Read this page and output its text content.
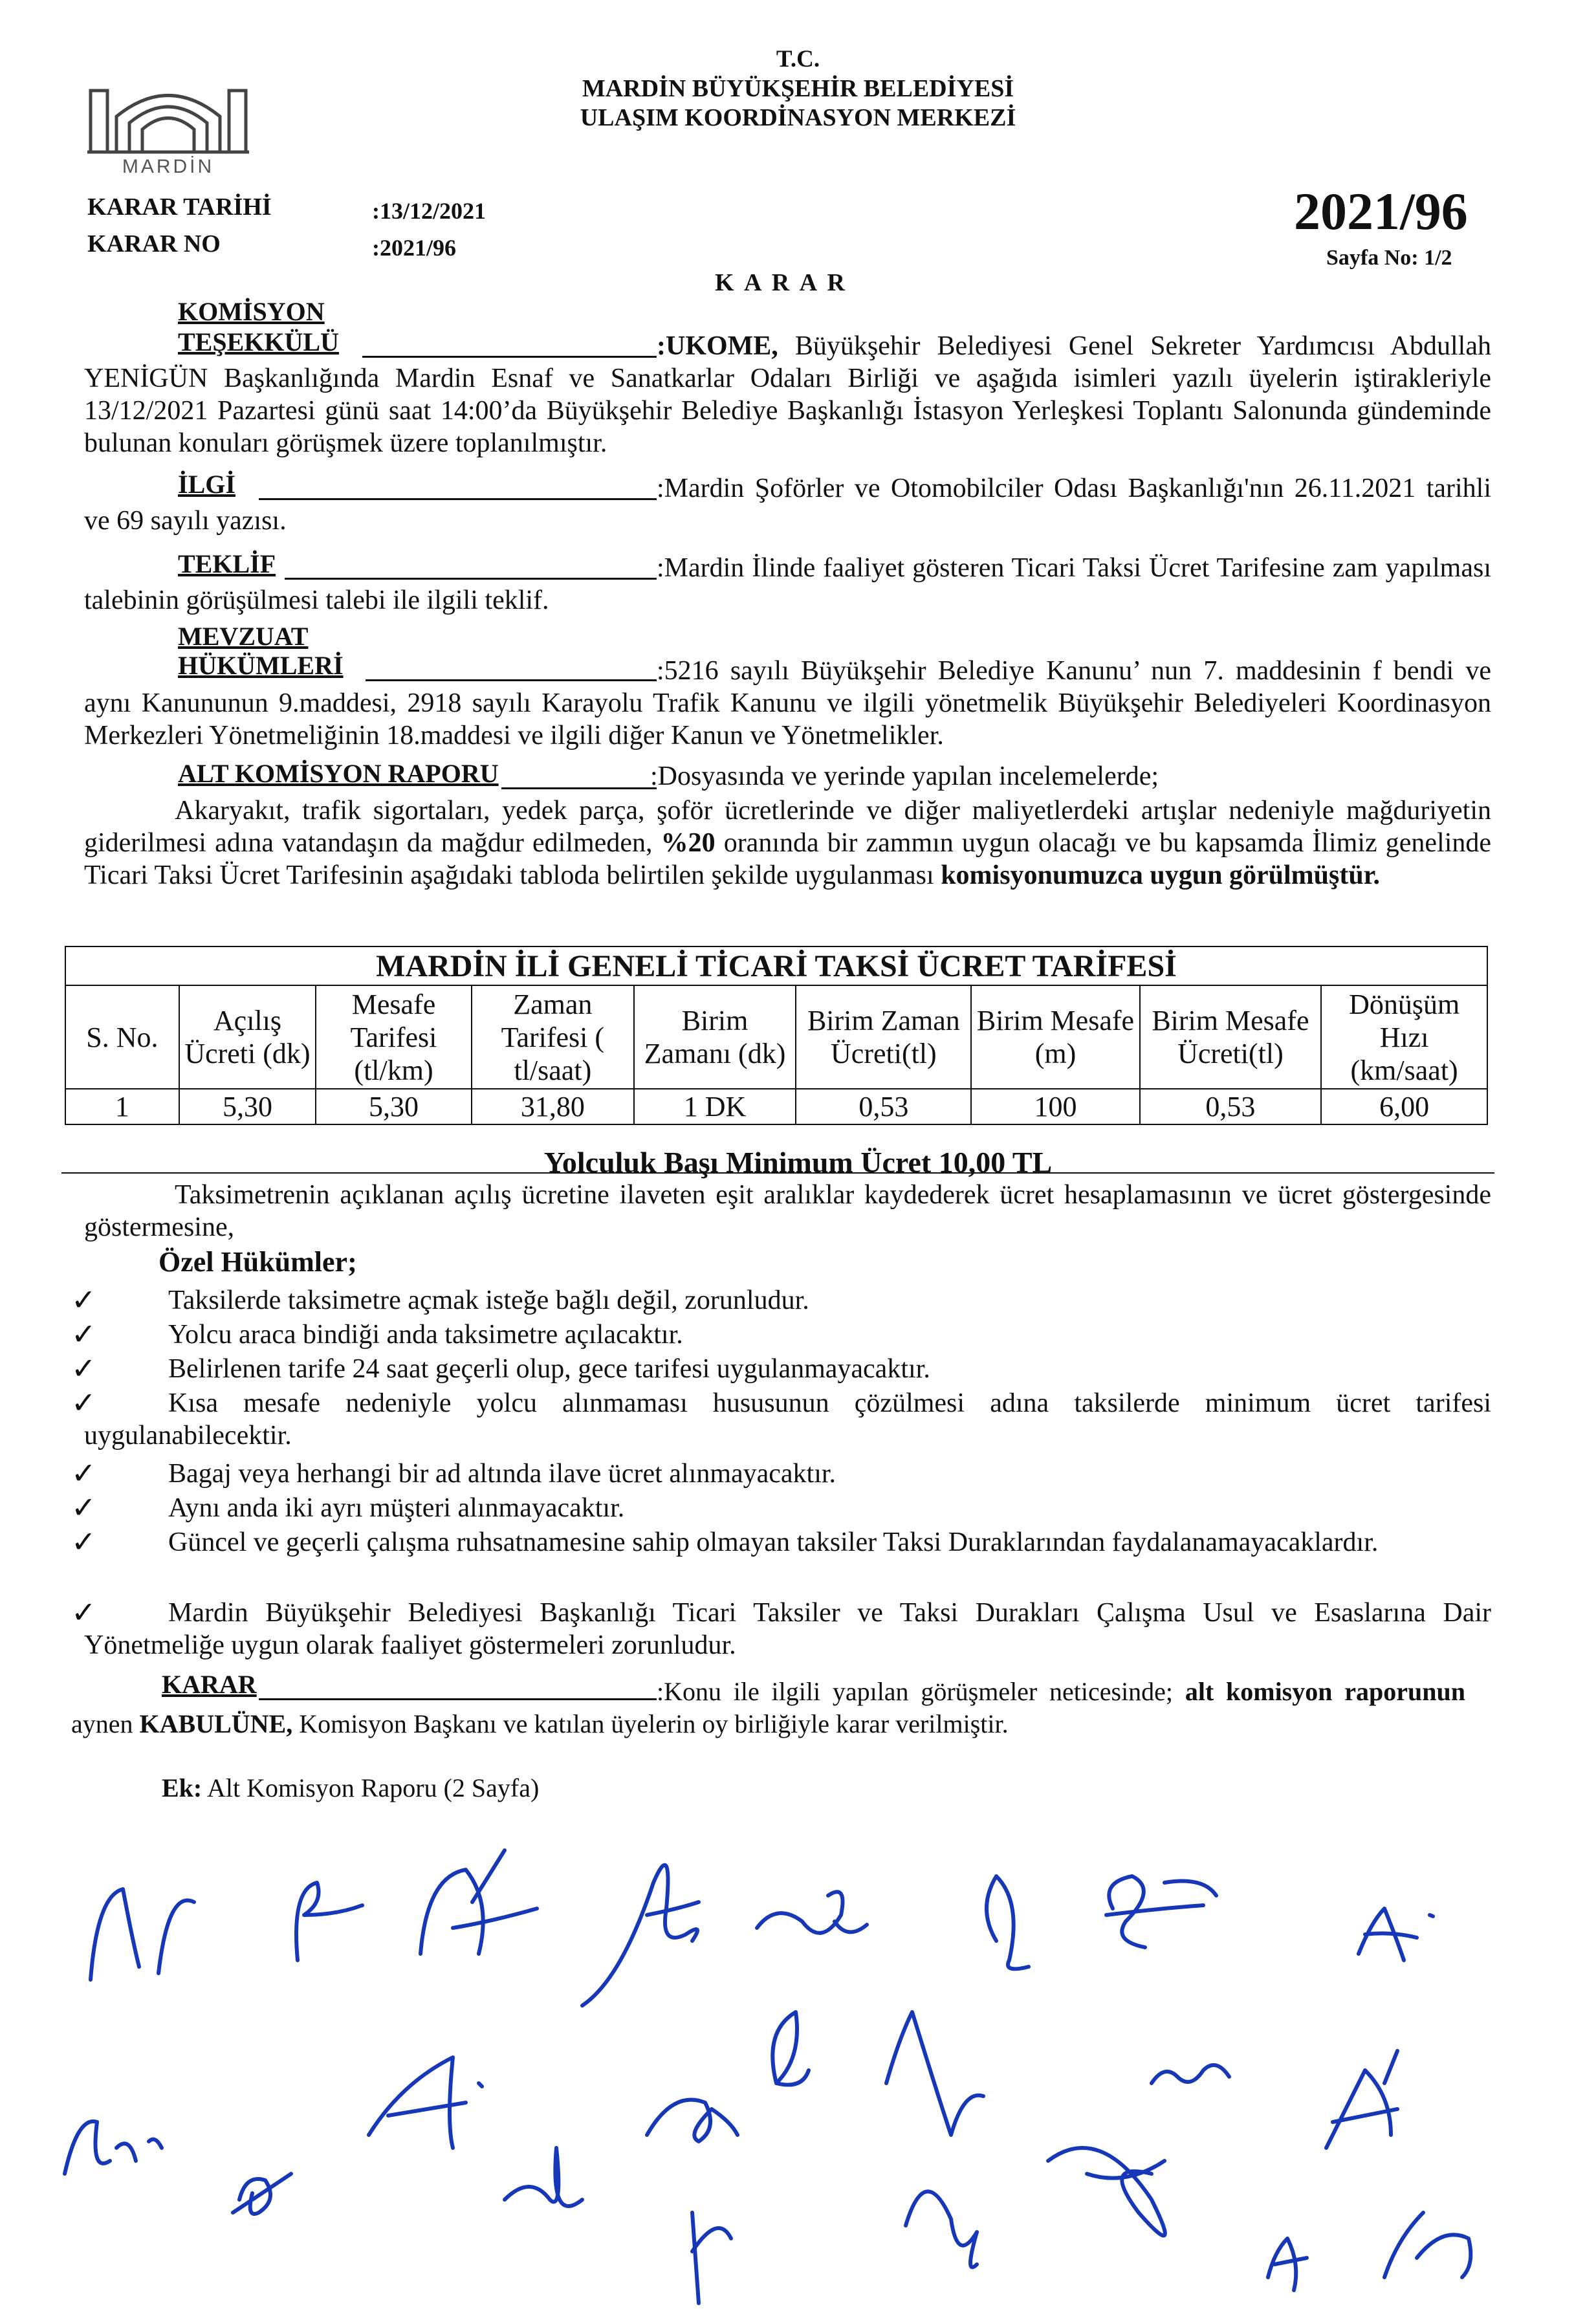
T.C.
MARDİN BÜYÜKŞEHİR BELEDİYESİ
ULAŞIM KOORDİNASYON MERKEZİ
MARDİN
KARAR TARİHİ	:13/12/2021
KARAR NO	:2021/96
2021/96
Sayfa No: 1/2
K A R A R
KOMİSYON
TEŞEKKÜLÜ	:UKOME, Büyükşehir Belediyesi Genel Sekreter Yardımcısı Abdullah YENİGÜN Başkanlığında Mardin Esnaf ve Sanatkarlar Odaları Birliği ve aşağıda isimleri yazılı üyelerin iştirakleriyle 13/12/2021 Pazartesi günü saat 14:00’da Büyükşehir Belediye Başkanlığı İstasyon Yerleşkesi Toplantı Salonunda gündeminde bulunan konuları görüşmek üzere toplanılmıştır.
İLGİ	:Mardin Şoförler ve Otomobilciler Odası Başkanlığı'nın 26.11.2021 tarihli ve 69 sayılı yazısı.
TEKLİF	:Mardin İlinde faaliyet gösteren Ticari Taksi Ücret Tarifesine zam yapılması talebinin görüşülmesi talebi ile ilgili teklif.
MEVZUAT
HÜKÜMLERİ	:5216 sayılı Büyükşehir Belediye Kanunu’ nun 7. maddesinin f bendi ve aynı Kanununun 9.maddesi, 2918 sayılı Karayolu Trafik Kanunu ve ilgili yönetmelik Büyükşehir Belediyeleri Koordinasyon Merkezleri Yönetmeliğinin 18.maddesi ve ilgili diğer Kanun ve Yönetmelikler.
ALT KOMİSYON RAPORU	:Dosyasında ve yerinde yapılan incelemelerde;
Akaryakıt, trafik sigortaları, yedek parça, şoför ücretlerinde ve diğer maliyetlerdeki artışlar nedeniyle mağduriyetin giderilmesi adına vatandaşın da mağdur edilmeden, %20 oranında bir zammın uygun olacağı ve bu kapsamda İlimiz genelinde Ticari Taksi Ücret Tarifesinin aşağıdaki tabloda belirtilen şekilde uygulanması komisyonumuzca uygun görülmüştür.
MARDİN İLİ GENELİ TİCARİ TAKSİ ÜCRET TARİFESİ								
S. No.	Açılış Ücreti (dk)	Mesafe Tarifesi (tl/km)	Zaman Tarifesi ( tl/saat)	Birim Zamanı (dk)	Birim Zaman Ücreti(tl)	Birim Mesafe (m)	Birim Mesafe Ücreti(tl)	Dönüşüm Hızı (km/saat)
1	5,30	5,30	31,80	1 DK	0,53	100	0,53	6,00
Yolculuk Başı Minimum Ücret 10,00 TL
Taksimetrenin açıklanan açılış ücretine ilaveten eşit aralıklar kaydederek ücret hesaplamasının ve ücret göstergesinde göstermesine,
Özel Hükümler;
✓	Taksilerde taksimetre açmak isteğe bağlı değil, zorunludur.
✓	Yolcu araca bindiği anda taksimetre açılacaktır.
✓	Belirlenen tarife 24 saat geçerli olup, gece tarifesi uygulanmayacaktır.
✓	Kısa mesafe nedeniyle yolcu alınmaması hususunun çözülmesi adına taksilerde minimum ücret tarifesi uygulanabilecektir.
✓	Bagaj veya herhangi bir ad altında ilave ücret alınmayacaktır.
✓	Aynı anda iki ayrı müşteri alınmayacaktır.
✓	Güncel ve geçerli çalışma ruhsatnamesine sahip olmayan taksiler Taksi Duraklarından faydalanamayacaklardır.
✓	Mardin Büyükşehir Belediyesi Başkanlığı Ticari Taksiler ve Taksi Durakları Çalışma Usul ve Esaslarına Dair Yönetmeliğe uygun olarak faaliyet göstermeleri zorunludur.
KARAR	:Konu ile ilgili yapılan görüşmeler neticesinde; alt komisyon raporunun aynen KABULÜNE, Komisyon Başkanı ve katılan üyelerin oy birliğiyle karar verilmiştir.
Ek: Alt Komisyon Raporu (2 Sayfa)
